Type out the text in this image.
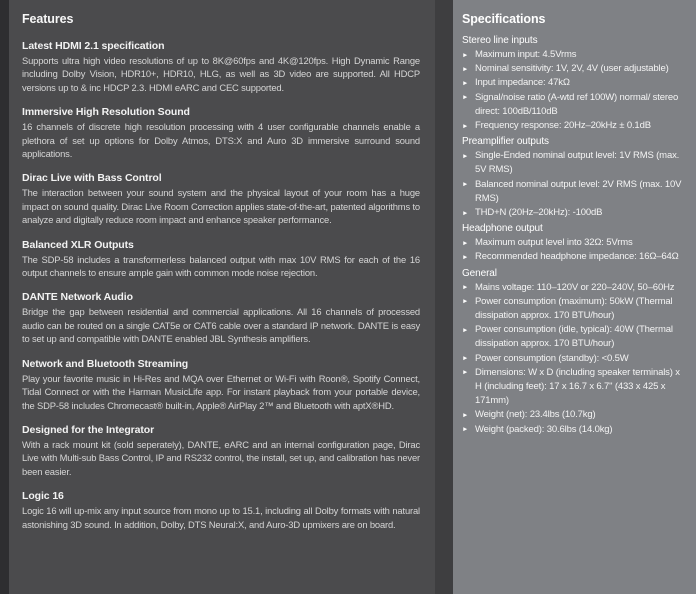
Features
Latest HDMI 2.1 specification

Supports ultra high video resolutions of up to 8K@60fps and 4K@120fps. High Dynamic Range including Dolby Vision, HDR10+, HDR10, HLG, as well as 3D video are supported. All HDCP versions up to & inc HDCP 2.3. HDMI eARC and CEC supported.

Immersive High Resolution Sound

16 channels of discrete high resolution processing with 4 user configurable channels enable a plethora of set up options for Dolby Atmos, DTS:X and Auro 3D immersive surround sound applications.

Dirac Live with Bass Control

The interaction between your sound system and the physical layout of your room has a huge impact on sound quality. Dirac Live Room Correction applies state-of-the-art, patented algorithms to analyze and digitally reduce room impact and enhance speaker performance.

Balanced XLR Outputs

The SDP-58 includes a transformerless balanced output with max 10V RMS for each of the 16 output channels to ensure ample gain with common mode noise rejection.

DANTE Network Audio

Bridge the gap between residential and commercial applications. All 16 channels of processed audio can be routed on a single CAT5e or CAT6 cable over a standard IP network. DANTE is easy to set up and compatible with DANTE enabled JBL Synthesis amplifiers.

Network and Bluetooth Streaming

Play your favorite music in Hi-Res and MQA over Ethernet or Wi-Fi with Roon®, Spotify Connect, Tidal Connect or with the Harman MusicLife app. For instant playback from your portable device, the SDP-58 includes Chromecast® built-in, Apple® AirPlay 2™ and Bluetooth with aptX®HD.

Designed for the Integrator

With a rack mount kit (sold seperately), DANTE, eARC and an internal configuration page, Dirac Live with Multi-sub Bass Control, IP and RS232 control, the install, set up, and calibration has never been easier.

Logic 16

Logic 16 will up-mix any input source from mono up to 15.1, including all Dolby formats with natural astonishing 3D sound. In addition, Dolby, DTS Neural:X, and Auro-3D upmixers are on board.

Specifications
Stereo line inputs
► Maximum input: 4.5Vrms
► Nominal sensitivity: 1V, 2V, 4V (user adjustable)
► Input impedance: 47kΩ
► Signal/noise ratio (A-wtd ref 100W) normal/ stereo direct: 100dB/110dB
► Frequency response: 20Hz–20kHz ± 0.1dB
Preamplifier outputs
► Single-Ended nominal output level: 1V RMS (max. 5V RMS)
► Balanced nominal output level: 2V RMS (max. 10V RMS)
► THD+N (20Hz–20kHz): -100dB
Headphone output
► Maximum output level into 32Ω: 5Vrms
► Recommended headphone impedance: 16Ω–64Ω
General
► Mains voltage: 110–120V or 220–240V, 50–60Hz
► Power consumption (maximum): 50kW (Thermal dissipation approx. 170 BTU/hour)
► Power consumption (idle, typical): 40W (Thermal dissipation approx. 170 BTU/hour)
► Power consumption (standby): <0.5W
► Dimensions: W x D (including speaker terminals) x H (including feet): 17 x 16.7 x 6.7" (433 x 425 x 171mm)
► Weight (net): 23.4lbs (10.7kg)
► Weight (packed): 30.6lbs (14.0kg)
